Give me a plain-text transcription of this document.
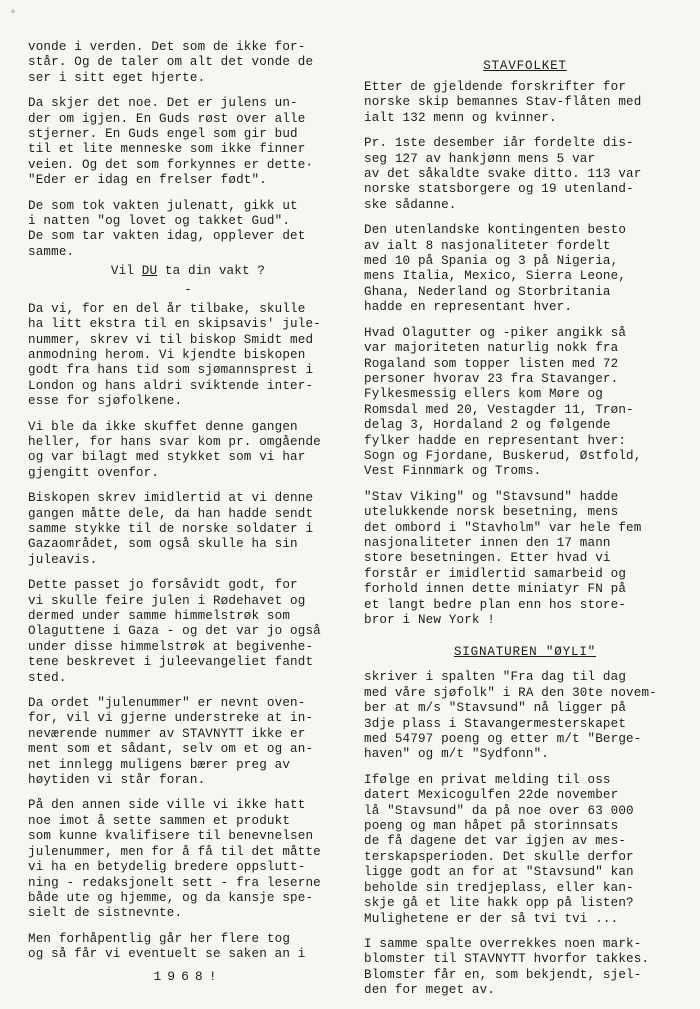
✧

vonde i verden. Det som de ikke for-
står. Og de taler om alt det vonde de
ser i sitt eget hjerte.

Da skjer det noe. Det er julens un-
der om igjen. En Guds røst over alle
stjerner. En Guds engel som gir bud
til et lite menneske som ikke finner
veien. Og det som forkynnes er dette·
"Eder er idag en frelser født".

De som tok vakten julenatt, gikk ut
i natten "og lovet og takket Gud".
De som tar vakten idag, opplever det
samme.

Vil DU ta din vakt ?

-

Da vi, for en del år tilbake, skulle
ha litt ekstra til en skipsavis' jule-
nummer, skrev vi til biskop Smidt med
anmodning herom. Vi kjendte biskopen
godt fra hans tid som sjømannsprest i
London og hans aldri sviktende inter-
esse for sjøfolkene.

Vi ble da ikke skuffet denne gangen
heller, for hans svar kom pr. omgående
og var bilagt med stykket som vi har
gjengitt ovenfor.

Biskopen skrev imidlertid at vi denne
gangen måtte dele, da han hadde sendt
samme stykke til de norske soldater i
Gazaområdet, som også skulle ha sin
juleavis.

Dette passet jo forsåvidt godt, for
vi skulle feire julen i Rødehavet og
dermed under samme himmelstrøk som
Olaguttene i Gaza - og det var jo også
under disse himmelstrøk at begivenhe-
tene beskrevet i juleevangeliet fandt
sted.

Da ordet "julenummer" er nevnt oven-
for, vil vi gjerne understreke at in-
neværende nummer av STAVNYTT ikke er
ment som et sådant, selv om et og an-
net innlegg muligens bærer preg av
høytiden vi står foran.

På den annen side ville vi ikke hatt
noe imot å sette sammen et produkt
som kunne kvalifisere til benevnelsen
julenummer, men for å få til det måtte
vi ha en betydelig bredere oppslutt-
ning - redaksjonelt sett - fra leserne
både ute og hjemme, og da kansje spe-
sielt de sistnevnte.

Men forhåpentlig går her flere tog
og så får vi eventuelt se saken an i

1968!
STAVFOLKET

Etter de gjeldende forskrifter for
norske skip bemannes Stav-flåten med
ialt 132 menn og kvinner.

Pr. 1ste desember iår fordelte dis-
seg 127 av hankjønn mens 5 var
av det såkaldte svake ditto. 113 var
norske statsborgere og 19 utenland-
ske sådanne.

Den utenlandske kontingenten besto
av ialt 8 nasjonaliteter fordelt
med 10 på Spania og 3 på Nigeria,
mens Italia, Mexico, Sierra Leone,
Ghana, Nederland og Storbritania
hadde en representant hver.

Hvad Olagutter og -piker angikk så
var majoriteten naturlig nokk fra
Rogaland som topper listen med 72
personer hvorav 23 fra Stavanger.
Fylkesmessig ellers kom Møre og
Romsdal med 20, Vestagder 11, Trøn-
delag 3, Hordaland 2 og følgende
fylker hadde en representant hver:
Sogn og Fjordane, Buskerud, Østfold,
Vest Finnmark og Troms.

"Stav Viking" og "Stavsund" hadde
utelukkende norsk besetning, mens
det ombord i "Stavholm" var hele fem
nasjonaliteter innen den 17 mann
store besetningen. Etter hvad vi
forstår er imidlertid samarbeid og
forhold innen dette miniatyr FN på
et langt bedre plan enn hos store-
bror i New York !

SIGNATUREN "ØYLI"

skriver i spalten "Fra dag til dag
med våre sjøfolk" i RA den 30te novem-
ber at m/s "Stavsund" nå ligger på
3dje plass i Stavangermesterskapet
med 54797 poeng og etter m/t "Berge-
haven" og m/t "Sydfonn".

Ifølge en privat melding til oss
datert Mexicogulfen 22de november
lå "Stavsund" da på noe over 63 000
poeng og man håpet på storinnsats
de få dagene det var igjen av mes-
terskapsperioden. Det skulle derfor
ligge godt an for at "Stavsund" kan
beholde sin tredjeplass, eller kan-
skje gå et lite hakk opp på listen?
Mulighetene er der så tvi tvi ...

I samme spalte overrekkes noen mark-
blomster til STAVNYTT hvorfor takkes.
Blomster får en, som bekjendt, sjel-
den for meget av.
